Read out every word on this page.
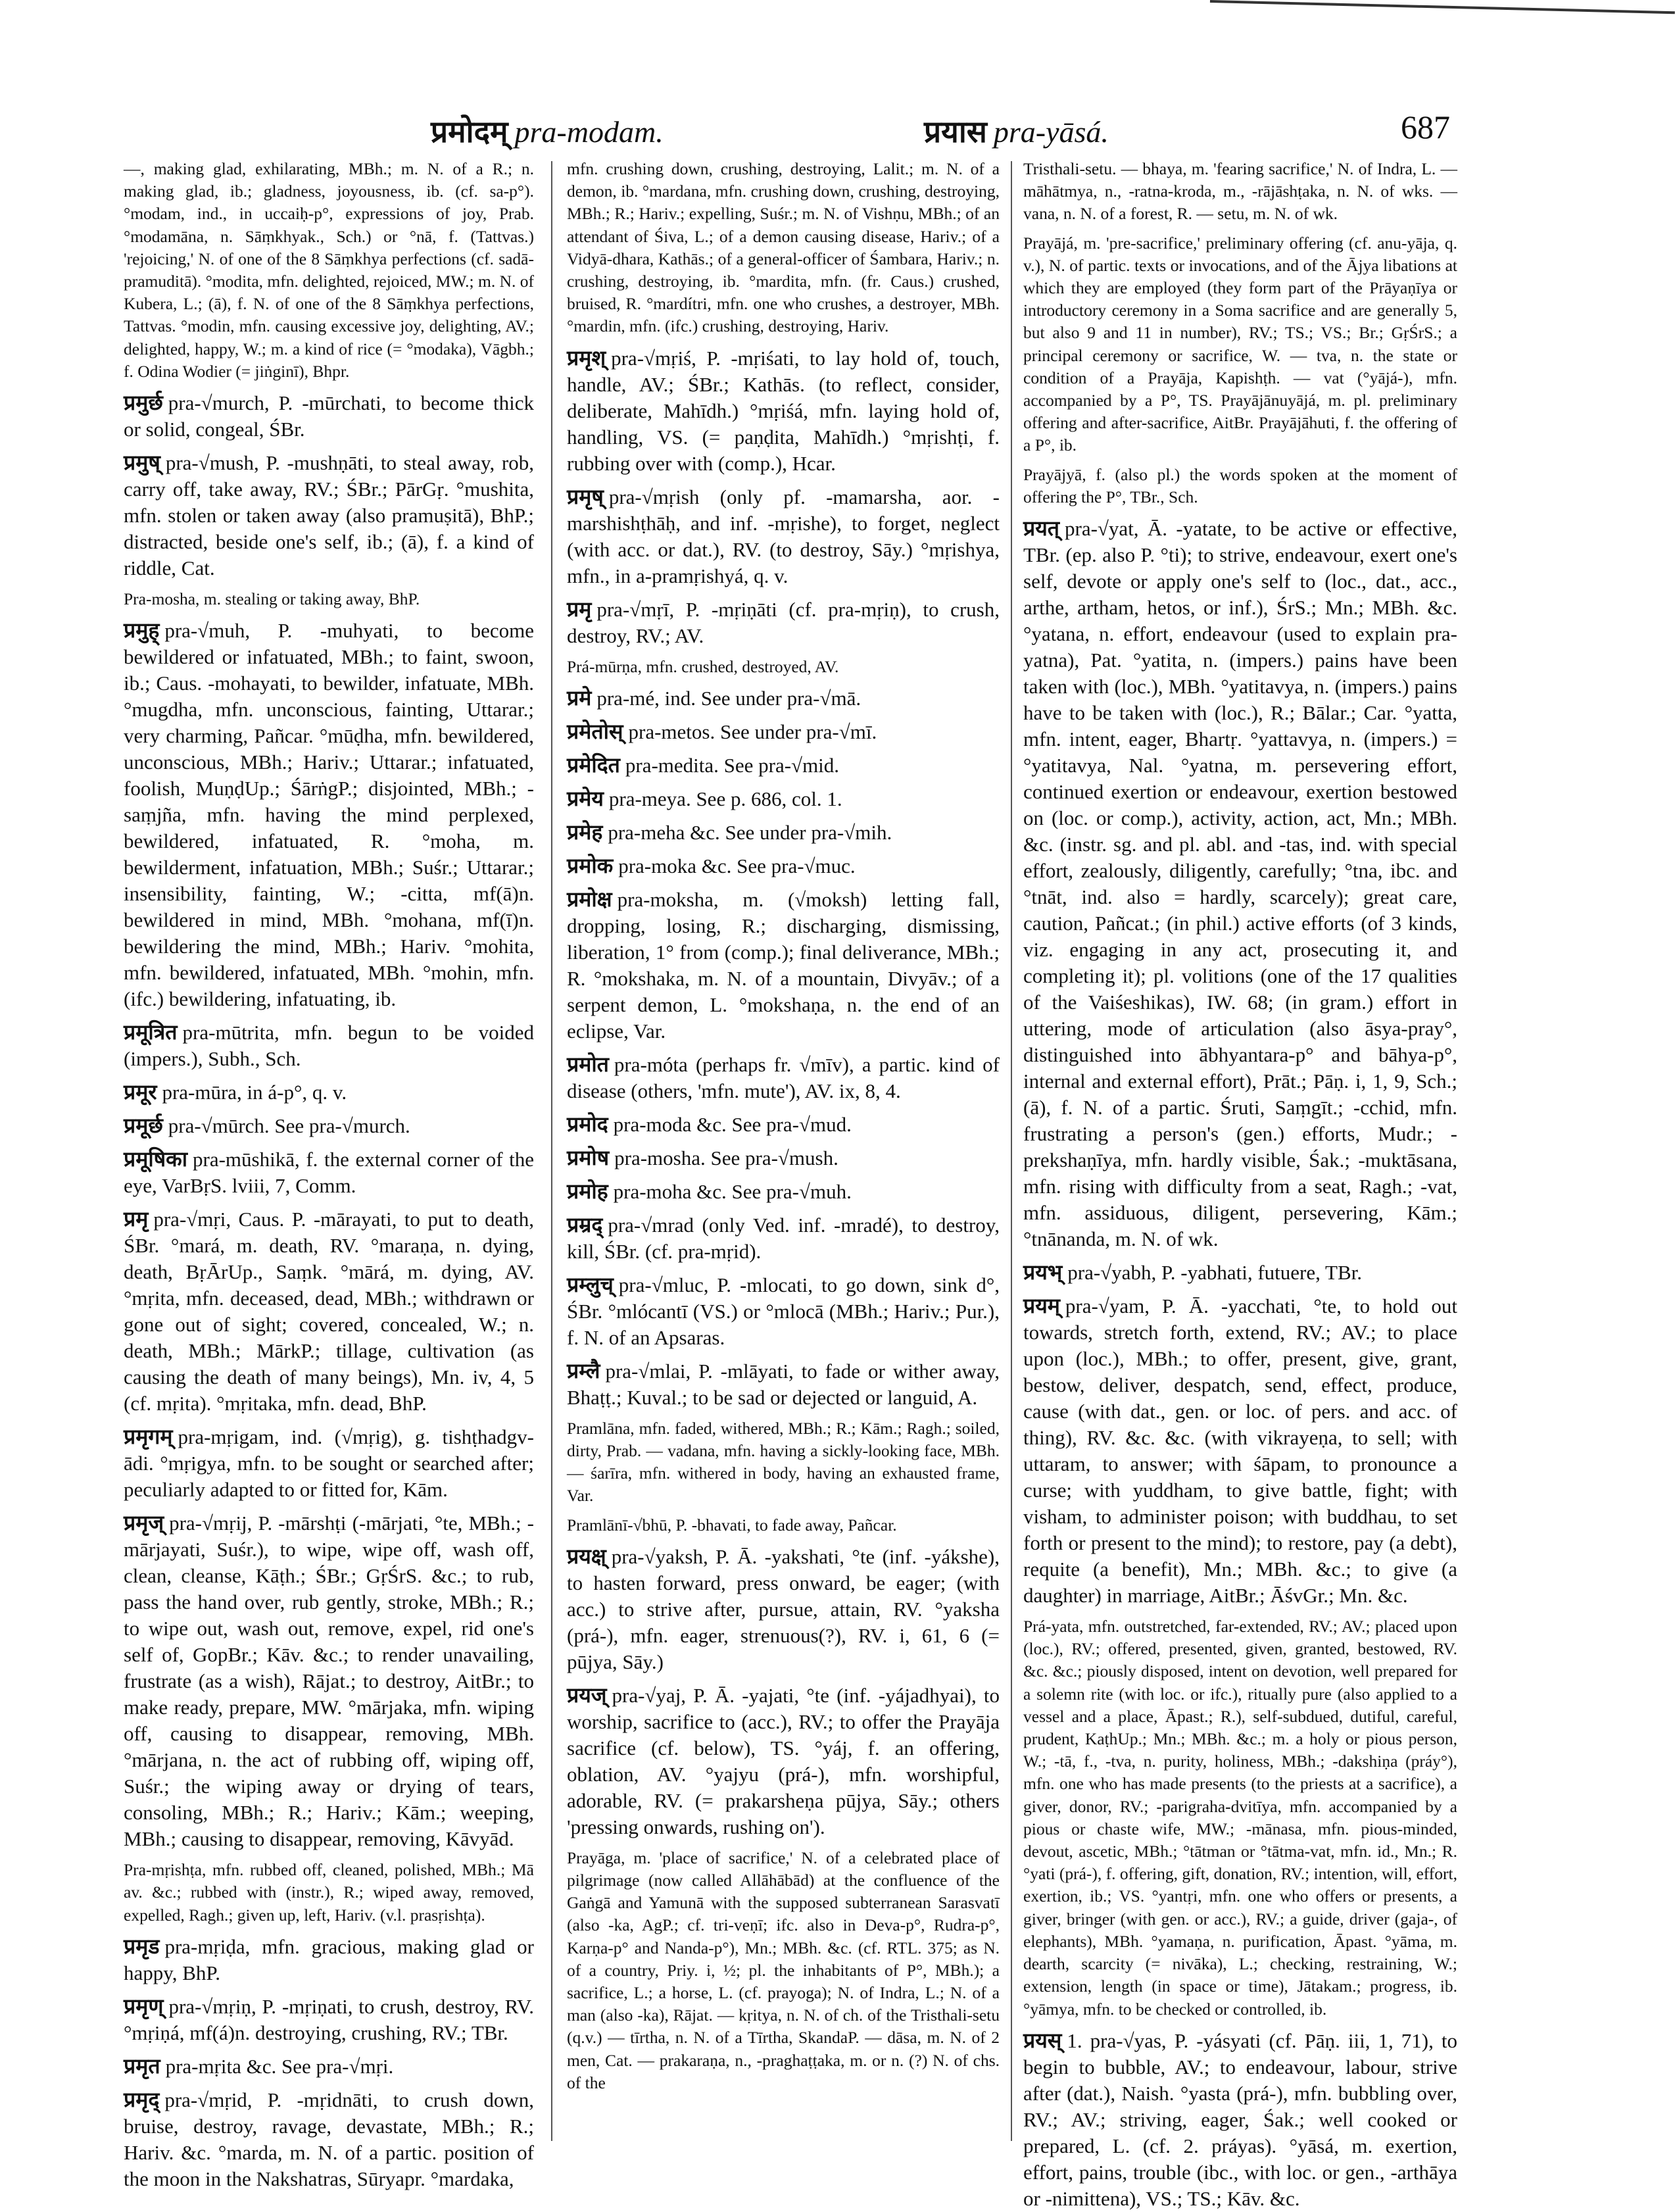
प्रमोदम् pra-modam.	प्रयास pra-yāsá.	687
—, making glad, exhilarating, MBh.; m. N. of a R.; n. making glad, ib.; gladness, joyousness, ib. (cf. sa-p°). °modam, ind., in uccaiḥ-p°, expressions of joy, Prab. °modamāna, n. Sāṃkhyak., Sch.) or °nā, f. (Tattvas.) 'rejoicing,' N. of one of the 8 Sāṃkhya perfections (cf. sadā-pramuditā). °modita, mfn. delighted, rejoiced, MW.; m. N. of Kubera, L.; (ā), f. N. of one of the 8 Sāṃkhya perfections, Tattvas. °modin, mfn. causing excessive joy, delighting, AV.; delighted, happy, W.; m. a kind of rice (= °modaka), Vāgbh.; f. Odina Wodier (= jiṅginī), Bhpr.
प्रमुर्छ pra-√murch, P. -mūrchati, to become thick or solid, congeal, ŚBr.
प्रमुष् pra-√mush, P. -mushṇāti, to steal away, rob, carry off, take away, RV.; ŚBr.; PārGṛ. °mushita, mfn. stolen or taken away (also pramuṣitā), BhP.; distracted, beside one's self, ib.; (ā), f. a kind of riddle, Cat.
Pra-mosha, m. stealing or taking away, BhP.
प्रमुह् pra-√muh, P. -muhyati, to become bewildered or infatuated, MBh.; to faint, swoon, ib.; Caus. -mohayati, to bewilder, infatuate, MBh. °mugdha, mfn. unconscious, fainting, Uttarar.; very charming, Pañcar. °mūḍha, mfn. bewildered, unconscious, MBh.; Hariv.; Uttarar.; infatuated, foolish, MuṇḍUp.; ŚārṅgP.; disjointed, MBh.; -saṃjña, mfn. having the mind perplexed, bewildered, infatuated, R. °moha, m. bewilderment, infatuation, MBh.; Suśr.; Uttarar.; insensibility, fainting, W.; -citta, mf(ā)n. bewildered in mind, MBh. °mohana, mf(ī)n. bewildering the mind, MBh.; Hariv. °mohita, mfn. bewildered, infatuated, MBh. °mohin, mfn. (ifc.) bewildering, infatuating, ib.
प्रमूत्रित pra-mūtrita, mfn. begun to be voided (impers.), Subh., Sch.
प्रमूर pra-mūra, in á-p°, q. v.
प्रमूर्छ pra-√mūrch. See pra-√murch.
प्रमूषिका pra-mūshikā, f. the external corner of the eye, VarBṛS. lviii, 7, Comm.
प्रमृ pra-√mṛi, Caus. P. -mārayati, to put to death, ŚBr. °mará, m. death, RV. °maraṇa, n. dying, death, BṛĀrUp., Saṃk. °mārá, m. dying, AV. °mṛita, mfn. deceased, dead, MBh.; withdrawn or gone out of sight; covered, concealed, W.; n. death, MBh.; MārkP.; tillage, cultivation (as causing the death of many beings), Mn. iv, 4, 5 (cf. mṛita). °mṛitaka, mfn. dead, BhP.
प्रमृगम् pra-mṛigam, ind. (√mṛig), g. tishṭhadgv-ādi. °mṛigya, mfn. to be sought or searched after; peculiarly adapted to or fitted for, Kām.
प्रमृज् pra-√mṛij, P. -mārshṭi (-mārjati, °te, MBh.; -mārjayati, Suśr.), to wipe, wipe off, wash off, clean, cleanse, Kāṭh.; ŚBr.; GṛŚrS. &c.; to rub, pass the hand over, rub gently, stroke, MBh.; R.; to wipe out, wash out, remove, expel, rid one's self of, GopBr.; Kāv. &c.; to render unavailing, frustrate (as a wish), Rājat.; to destroy, AitBr.; to make ready, prepare, MW. °mārjaka, mfn. wiping off, causing to disappear, removing, MBh. °mārjana, n. the act of rubbing off, wiping off, Suśr.; the wiping away or drying of tears, consoling, MBh.; R.; Hariv.; Kām.; weeping, MBh.; causing to disappear, removing, Kāvyād.
Pra-mṛishṭa, mfn. rubbed off, cleaned, polished, MBh.; Mā av. &c.; rubbed with (instr.), R.; wiped away, removed, expelled, Ragh.; given up, left, Hariv. (v.l. prasṛishṭa).
प्रमृड pra-mṛiḍa, mfn. gracious, making glad or happy, BhP.
प्रमृण् pra-√mṛiṇ, P. -mṛiṇati, to crush, destroy, RV. °mṛiṇá, mf(á)n. destroying, crushing, RV.; TBr.
प्रमृत pra-mṛita &c. See pra-√mṛi.
प्रमृद् pra-√mṛid, P. -mṛidnāti, to crush down, bruise, destroy, ravage, devastate, MBh.; R.; Hariv. &c. °marda, m. N. of a partic. position of the moon in the Nakshatras, Sūryapr. °mardaka,
mfn. crushing down, crushing, destroying, Lalit.; m. N. of a demon, ib. °mardana, mfn. crushing down, crushing, destroying, MBh.; R.; Hariv.; expelling, Suśr.; m. N. of Vishṇu, MBh.; of an attendant of Śiva, L.; of a demon causing disease, Hariv.; of a Vidyā-dhara, Kathās.; of a general-officer of Śambara, Hariv.; n. crushing, destroying, ib. °mardita, mfn. (fr. Caus.) crushed, bruised, R. °mardítri, mfn. one who crushes, a destroyer, MBh. °mardin, mfn. (ifc.) crushing, destroying, Hariv.
प्रमृश् pra-√mṛiś, P. -mṛiśati, to lay hold of, touch, handle, AV.; ŚBr.; Kathās. (to reflect, consider, deliberate, Mahīdh.) °mṛiśá, mfn. laying hold of, handling, VS. (= paṇḍita, Mahīdh.) °mṛishṭi, f. rubbing over with (comp.), Hcar.
प्रमृष् pra-√mṛish (only pf. -mamarsha, aor. -marshishṭhāḥ, and inf. -mṛishe), to forget, neglect (with acc. or dat.), RV. (to destroy, Sāy.) °mṛishya, mfn., in a-pramṛishyá, q. v.
प्रमृ pra-√mṛī, P. -mṛiṇāti (cf. pra-mṛiṇ), to crush, destroy, RV.; AV.
Prá-mūrṇa, mfn. crushed, destroyed, AV.
प्रमे pra-mé, ind. See under pra-√mā.
प्रमेतोस् pra-metos. See under pra-√mī.
प्रमेदित pra-medita. See pra-√mid.
प्रमेय pra-meya. See p. 686, col. 1.
प्रमेह pra-meha &c. See under pra-√mih.
प्रमोक pra-moka &c. See pra-√muc.
प्रमोक्ष pra-moksha, m. (√moksh) letting fall, dropping, losing, R.; discharging, dismissing, liberation, 1° from (comp.); final deliverance, MBh.; R. °mokshaka, m. N. of a mountain, Divyāv.; of a serpent demon, L. °mokshaṇa, n. the end of an eclipse, Var.
प्रमोत pra-móta (perhaps fr. √mīv), a partic. kind of disease (others, 'mfn. mute'), AV. ix, 8, 4.
प्रमोद pra-moda &c. See pra-√mud.
प्रमोष pra-mosha. See pra-√mush.
प्रमोह pra-moha &c. See pra-√muh.
प्रम्रद् pra-√mrad (only Ved. inf. -mradé), to destroy, kill, ŚBr. (cf. pra-mṛid).
प्रम्लुच् pra-√mluc, P. -mlocati, to go down, sink d°, ŚBr. °mlócantī (VS.) or °mlocā (MBh.; Hariv.; Pur.), f. N. of an Apsaras.
प्रम्लै pra-√mlai, P. -mlāyati, to fade or wither away, Bhaṭṭ.; Kuval.; to be sad or dejected or languid, A.
Pramlāna, mfn. faded, withered, MBh.; R.; Kām.; Ragh.; soiled, dirty, Prab. — vadana, mfn. having a sickly-looking face, MBh. — śarīra, mfn. withered in body, having an exhausted frame, Var.
Pramlānī-√bhū, P. -bhavati, to fade away, Pañcar.
प्रयक्ष् pra-√yaksh, P. Ā. -yakshati, °te (inf. -yákshe), to hasten forward, press onward, be eager; (with acc.) to strive after, pursue, attain, RV. °yaksha (prá-), mfn. eager, strenuous(?), RV. i, 61, 6 (= pūjya, Sāy.)
प्रयज् pra-√yaj, P. Ā. -yajati, °te (inf. -yájadhyai), to worship, sacrifice to (acc.), RV.; to offer the Prayāja sacrifice (cf. below), TS. °yáj, f. an offering, oblation, AV. °yajyu (prá-), mfn. worshipful, adorable, RV. (= prakarsheṇa pūjya, Sāy.; others 'pressing onwards, rushing on').
Prayāga, m. 'place of sacrifice,' N. of a celebrated place of pilgrimage (now called Allāhābād) at the confluence of the Gaṅgā and Yamunā with the supposed subterranean Sarasvatī (also -ka, AgP.; cf. tri-veṇī; ifc. also in Deva-p°, Rudra-p°, Karṇa-p° and Nanda-p°), Mn.; MBh. &c. (cf. RTL. 375; as N. of a country, Priy. i, ½; pl. the inhabitants of P°, MBh.); a sacrifice, L.; a horse, L. (cf. prayoga); N. of Indra, L.; N. of a man (also -ka), Rājat. — kṛitya, n. N. of ch. of the Tristhali-setu (q.v.) — tīrtha, n. N. of a Tīrtha, SkandaP. — dāsa, m. N. of 2 men, Cat. — prakaraṇa, n., -praghaṭṭaka, m. or n. (?) N. of chs. of the
Tristhali-setu. — bhaya, m. 'fearing sacrifice,' N. of Indra, L. — māhātmya, n., -ratna-kroda, m., -rājāshṭaka, n. N. of wks. — vana, n. N. of a forest, R. — setu, m. N. of wk.
Prayājá, m. 'pre-sacrifice,' preliminary offering (cf. anu-yāja, q. v.), N. of partic. texts or invocations, and of the Ājya libations at which they are employed (they form part of the Prāyaṇīya or introductory ceremony in a Soma sacrifice and are generally 5, but also 9 and 11 in number), RV.; TS.; VS.; Br.; GṛŚrS.; a principal ceremony or sacrifice, W. — tva, n. the state or condition of a Prayāja, Kapishṭh. — vat (°yājá-), mfn. accompanied by a P°, TS. Prayājānuyājá, m. pl. preliminary offering and after-sacrifice, AitBr. Prayājāhuti, f. the offering of a P°, ib.
Prayājyā, f. (also pl.) the words spoken at the moment of offering the P°, TBr., Sch.
प्रयत् pra-√yat, Ā. -yatate, to be active or effective, TBr. (ep. also P. °ti); to strive, endeavour, exert one's self, devote or apply one's self to (loc., dat., acc., arthe, artham, hetos, or inf.), ŚrS.; Mn.; MBh. &c. °yatana, n. effort, endeavour (used to explain pra-yatna), Pat. °yatita, n. (impers.) pains have been taken with (loc.), MBh. °yatitavya, n. (impers.) pains have to be taken with (loc.), R.; Bālar.; Car. °yatta, mfn. intent, eager, Bhartṛ. °yattavya, n. (impers.) = °yatitavya, Nal. °yatna, m. persevering effort, continued exertion or endeavour, exertion bestowed on (loc. or comp.), activity, action, act, Mn.; MBh. &c. (instr. sg. and pl. abl. and -tas, ind. with special effort, zealously, diligently, carefully; °tna, ibc. and °tnāt, ind. also = hardly, scarcely); great care, caution, Pañcat.; (in phil.) active efforts (of 3 kinds, viz. engaging in any act, prosecuting it, and completing it); pl. volitions (one of the 17 qualities of the Vaiśeshikas), IW. 68; (in gram.) effort in uttering, mode of articulation (also āsya-pray°, distinguished into ābhyantara-p° and bāhya-p°, internal and external effort), Prāt.; Pāṇ. i, 1, 9, Sch.; (ā), f. N. of a partic. Śruti, Saṃgīt.; -cchid, mfn. frustrating a person's (gen.) efforts, Mudr.; -prekshaṇīya, mfn. hardly visible, Śak.; -muktāsana, mfn. rising with difficulty from a seat, Ragh.; -vat, mfn. assiduous, diligent, persevering, Kām.; °tnānanda, m. N. of wk.
प्रयभ् pra-√yabh, P. -yabhati, futuere, TBr.
प्रयम् pra-√yam, P. Ā. -yacchati, °te, to hold out towards, stretch forth, extend, RV.; AV.; to place upon (loc.), MBh.; to offer, present, give, grant, bestow, deliver, despatch, send, effect, produce, cause (with dat., gen. or loc. of pers. and acc. of thing), RV. &c. &c. (with vikrayeṇa, to sell; with uttaram, to answer; with śāpam, to pronounce a curse; with yuddham, to give battle, fight; with visham, to administer poison; with buddhau, to set forth or present to the mind); to restore, pay (a debt), requite (a benefit), Mn.; MBh. &c.; to give (a daughter) in marriage, AitBr.; ĀśvGr.; Mn. &c.
Prá-yata, mfn. outstretched, far-extended, RV.; AV.; placed upon (loc.), RV.; offered, presented, given, granted, bestowed, RV. &c. &c.; piously disposed, intent on devotion, well prepared for a solemn rite (with loc. or ifc.), ritually pure (also applied to a vessel and a place, Āpast.; R.), self-subdued, dutiful, careful, prudent, KaṭhUp.; Mn.; MBh. &c.; m. a holy or pious person, W.; -tā, f., -tva, n. purity, holiness, MBh.; -dakshiṇa (práy°), mfn. one who has made presents (to the priests at a sacrifice), a giver, donor, RV.; -parigraha-dvitīya, mfn. accompanied by a pious or chaste wife, MW.; -mānasa, mfn. pious-minded, devout, ascetic, MBh.; °tātman or °tātma-vat, mfn. id., Mn.; R. °yati (prá-), f. offering, gift, donation, RV.; intention, will, effort, exertion, ib.; VS. °yantṛi, mfn. one who offers or presents, a giver, bringer (with gen. or acc.), RV.; a guide, driver (gaja-, of elephants), MBh. °yamaṇa, n. purification, Āpast. °yāma, m. dearth, scarcity (= nivāka), L.; checking, restraining, W.; extension, length (in space or time), Jātakam.; progress, ib. °yāmya, mfn. to be checked or controlled, ib.
प्रयस् 1. pra-√yas, P. -yásyati (cf. Pāṇ. iii, 1, 71), to begin to bubble, AV.; to endeavour, labour, strive after (dat.), Naish. °yasta (prá-), mfn. bubbling over, RV.; AV.; striving, eager, Śak.; well cooked or prepared, L. (cf. 2. práyas). °yāsá, m. exertion, effort, pains, trouble (ibc., with loc. or gen., -arthāya or -nimittena), VS.; TS.; Kāv. &c.
